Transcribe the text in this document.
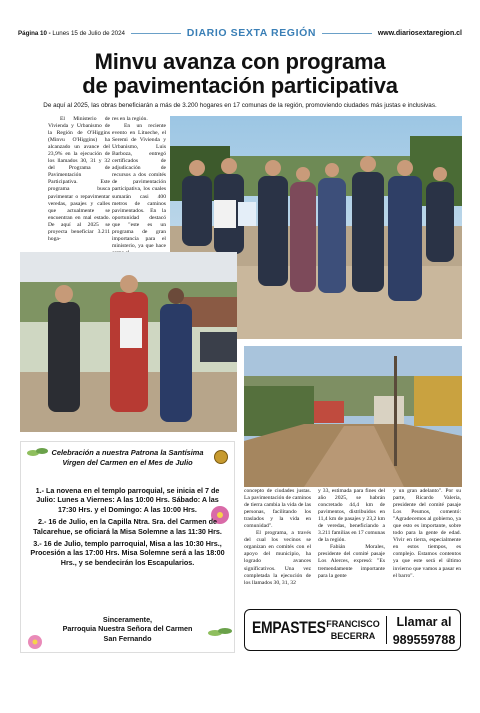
Página 10 - Lunes 15 de Julio de 2024	DIARIO SEXTA REGIÓN	www.diariosextaregion.cl
Minvu avanza con programa
de pavimentación participativa
De aquí al 2025, las obras beneficiarán a más de 3.200 hogares en 17 comunas de la región, promoviendo ciudades más justas e inclusivas.

El Ministerio de Vivienda y Urbanismo de la Región de O'Higgins (Minvu O'Higgins) ha alcanzado un avance del 23,9% en la ejecución de los llamados 30, 31 y 32 del Programa de Pavimentación Participativa. Este programa busca pavimentar o repavimentar veredas, pasajes y calles que actualmente se encuentran en mal estado. De aquí al 2025 se proyecta beneficiar 3.211 hoga-

res en la región.

En un reciente evento en Litueche, el Seremi de Vivienda y Urbanismo, Luis Barboza, entregó certificados de adjudicación de recursos a dos comités de pavimentación participativa, los cuales sumarán casi 400 metros de caminos pavimentados. En la oportunidad destacó que "este es un programa de gran importancia para el ministerio, ya que hace

concepto de ciudades justas. La pavimentación de caminos de tierra cambia la vida de las personas, facilitando los traslados y la vida en comunidad".

El programa, a través del cual los vecinos se organizan en comités con el apoyo del municipio, ha logrado avances significativos. Una vez completada la ejecución de los llamados 30, 31, 32

y 33, estimada para fines del año 2025, se habrán concretado 44,4 km de pavimentos, distribuidos en 11,4 km de pasajes y 23,2 km de veredas, beneficiando a 3.211 familias en 17 comunas de la región.

Fabián Morales, presidente del comité pasaje Los Alerces, expresó: "Es tremendamente importante para la gente

y un gran adelanto". Por su parte, Ricardo Valeria, presidente del comité pasaje Los Peumos, comentó: "Agradecemos al gobierno, ya que esto es importante, sobre todo para la gente de edad. Vivir en tierra, especialmente en estos tiempos, es complejo. Estamos contentos ya que este será el último invierno que vamos a pasar en el barro".
Celebración a nuestra Patrona la Santísima Virgen del Carmen en el Mes de Julio

1.- La novena en el templo parroquial, se inicia el 7 de Julio: Lunes a Viernes: A las 10:00 Hrs. Sábado: A las 17:30 Hrs. y el Domingo: A las 10:00 Hrs.

2.- 16 de Julio, en la Capilla Ntra. Sra. del Carmen de Talcarehue, se oficiará la Misa Solemne a las 11:30 Hrs.

3.- 16 de Julio, templo parroquial, Misa a las 10:30 Hrs., Procesión a las 17:00 Hrs. Misa Solemne será a las 18:00 Hrs., y se bendecirán los Escapularios.

Sinceramente,
Parroquia Nuestra Señora del Carmen
San Fernando
EMPASTES FRANCISCO
BECERRA
Llamar al
989559788
